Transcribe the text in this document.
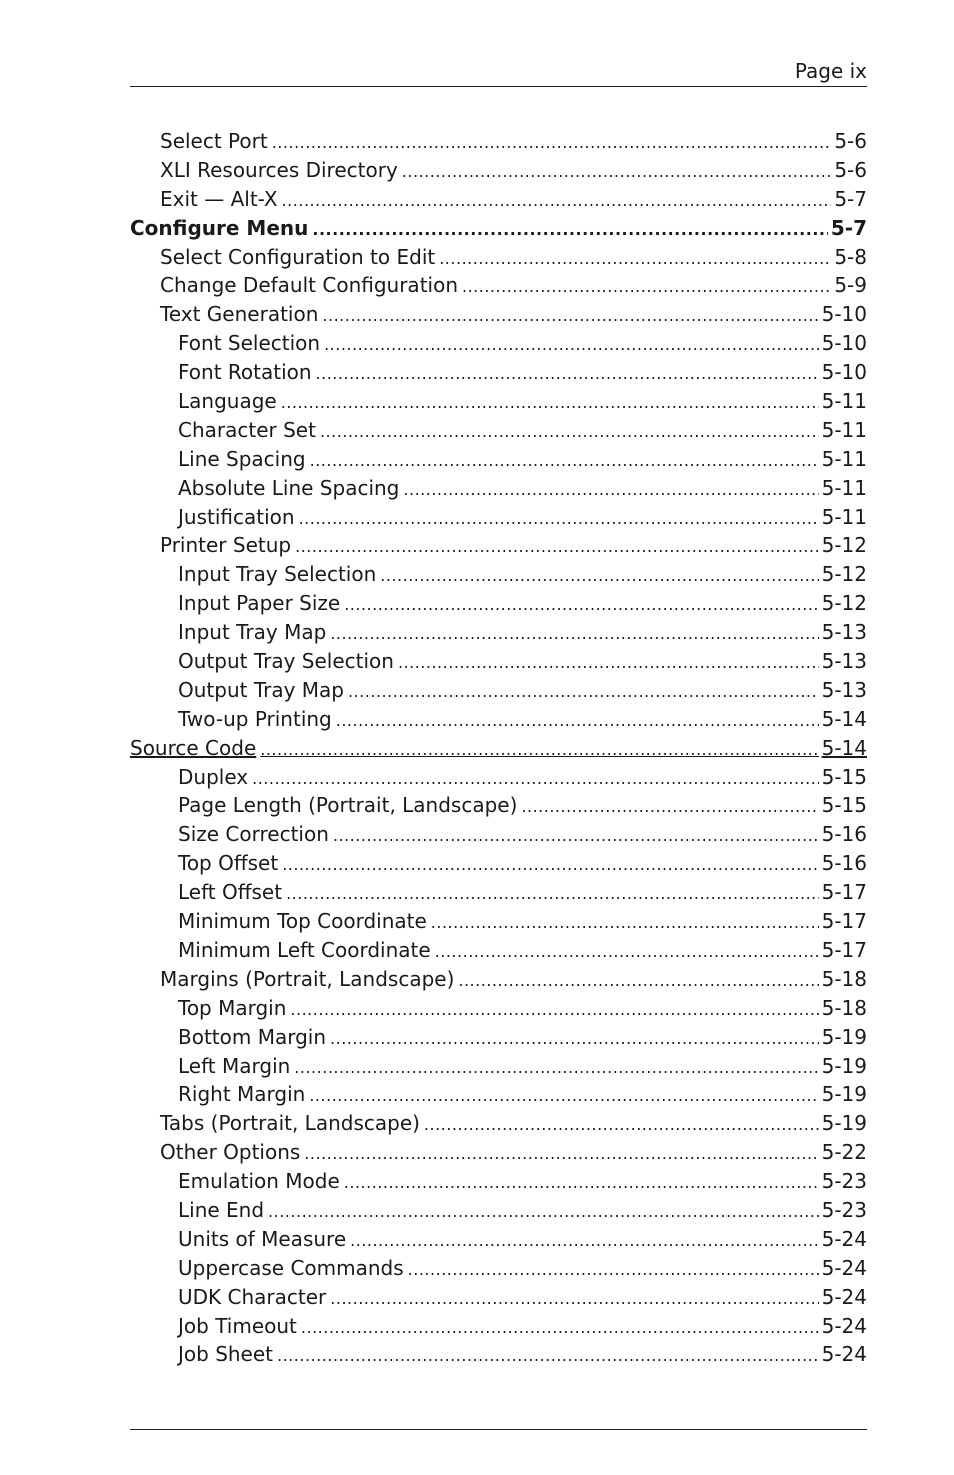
Page ix
Select Port .....	5-6
XLI Resources Directory .....	5-6
Exit — Alt-X .....	5-7
Configure Menu .....	5-7
Select Configuration to Edit .....	5-8
Change Default Configuration .....	5-9
Text Generation .....	5-10
Font Selection .....	5-10
Font Rotation .....	5-10
Language .....	5-11
Character Set .....	5-11
Line Spacing .....	5-11
Absolute Line Spacing .....	5-11
Justification .....	5-11
Printer Setup .....	5-12
Input Tray Selection .....	5-12
Input Paper Size .....	5-12
Input Tray Map .....	5-13
Output Tray Selection .....	5-13
Output Tray Map .....	5-13
Two-up Printing .....	5-14
Source Code .....	5-14
Duplex .....	5-15
Page Length (Portrait, Landscape) .....	5-15
Size Correction .....	5-16
Top Offset .....	5-16
Left Offset .....	5-17
Minimum Top Coordinate .....	5-17
Minimum Left Coordinate .....	5-17
Margins (Portrait, Landscape) .....	5-18
Top Margin .....	5-18
Bottom Margin .....	5-19
Left Margin .....	5-19
Right Margin .....	5-19
Tabs (Portrait, Landscape) .....	5-19
Other Options .....	5-22
Emulation Mode .....	5-23
Line End .....	5-23
Units of Measure .....	5-24
Uppercase Commands .....	5-24
UDK Character .....	5-24
Job Timeout .....	5-24
Job Sheet .....	5-24
